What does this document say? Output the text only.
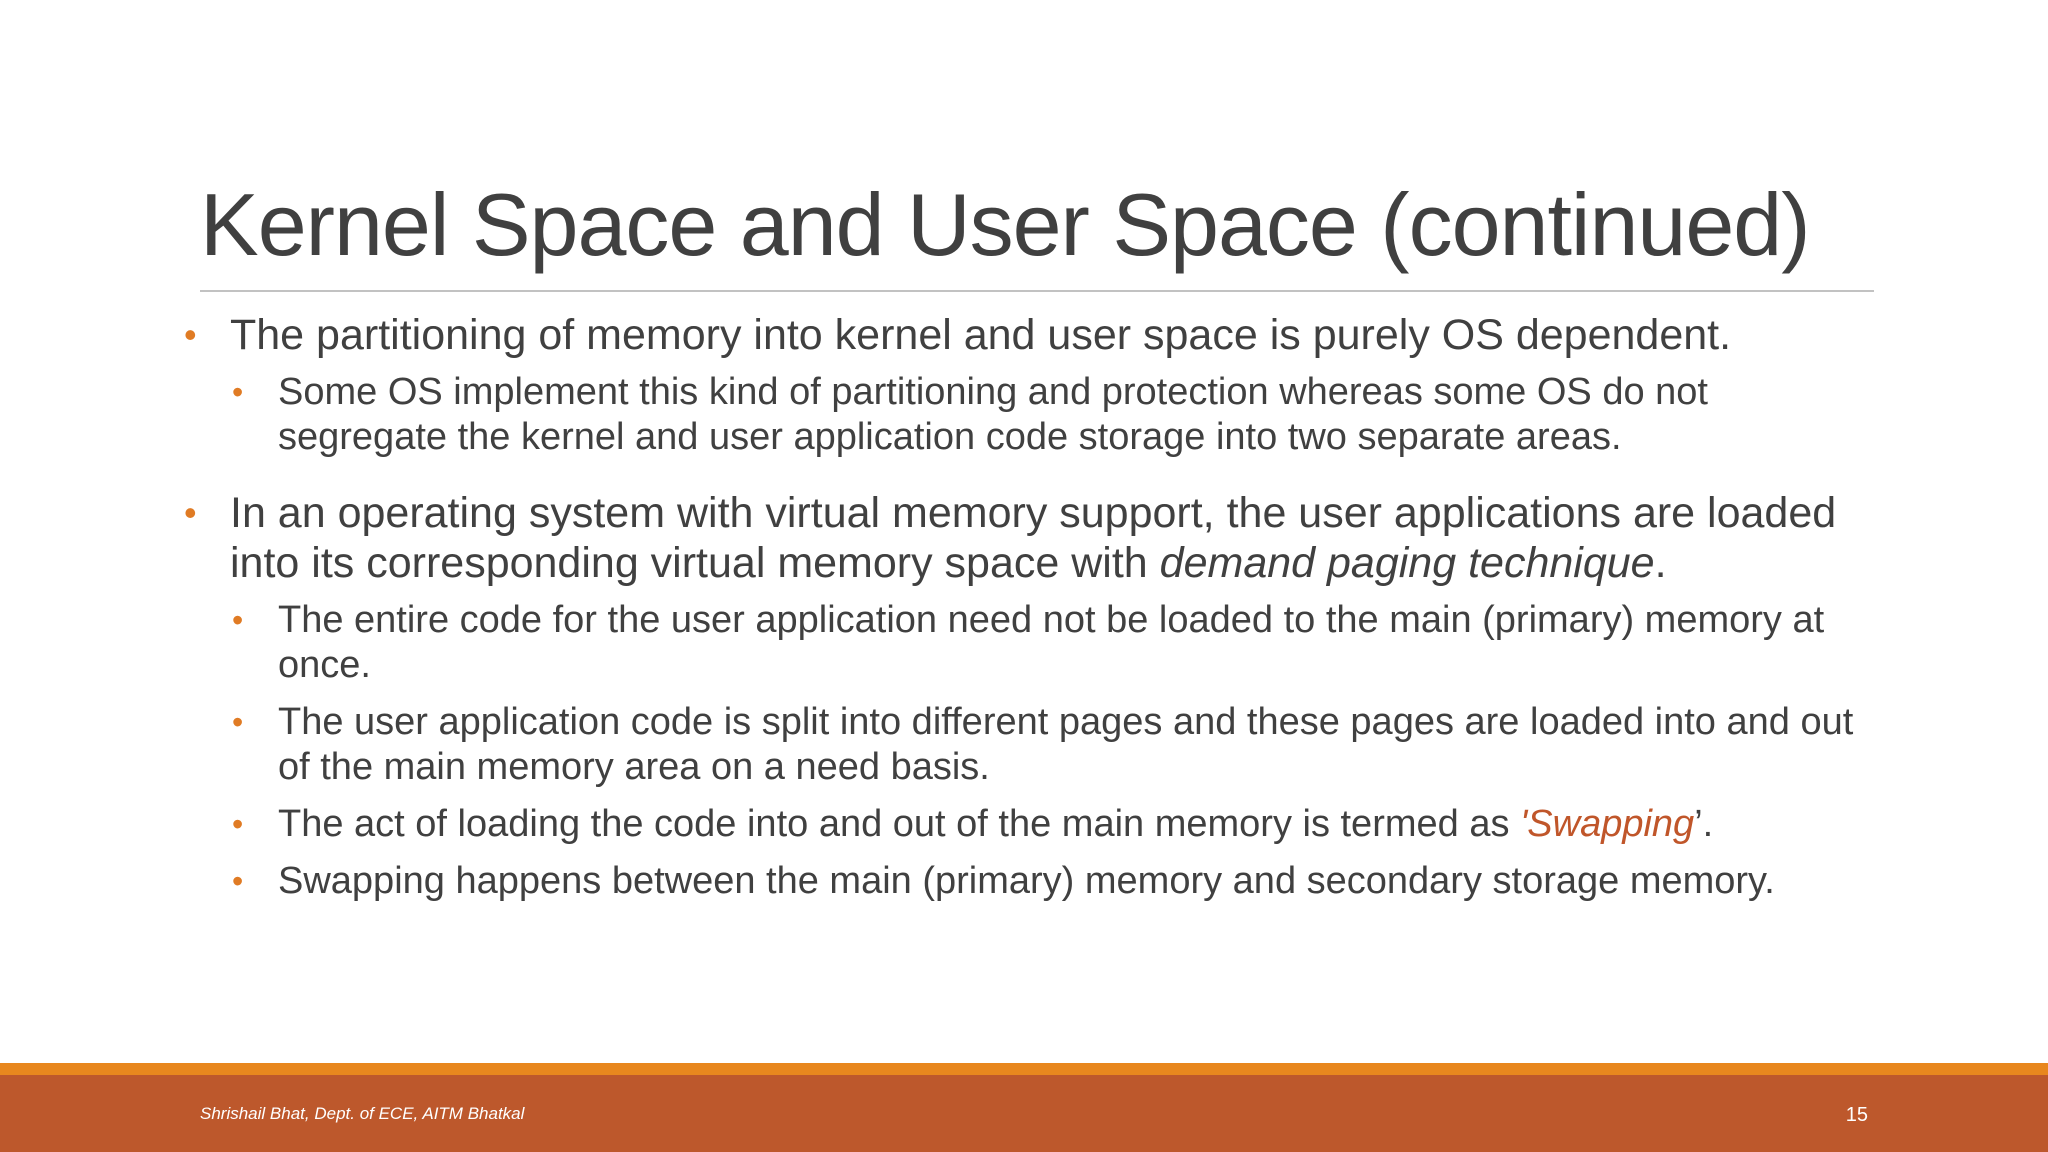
Kernel Space and User Space (continued)
• The partitioning of memory into kernel and user space is purely OS dependent.
• Some OS implement this kind of partitioning and protection whereas some OS do not segregate the kernel and user application code storage into two separate areas.
• In an operating system with virtual memory support, the user applications are loaded into its corresponding virtual memory space with demand paging technique.
• The entire code for the user application need not be loaded to the main (primary) memory at once.
• The user application code is split into different pages and these pages are loaded into and out of the main memory area on a need basis.
• The act of loading the code into and out of the main memory is termed as 'Swapping’.
• Swapping happens between the main (primary) memory and secondary storage memory.
Shrishail Bhat, Dept. of ECE, AITM Bhatkal	15
